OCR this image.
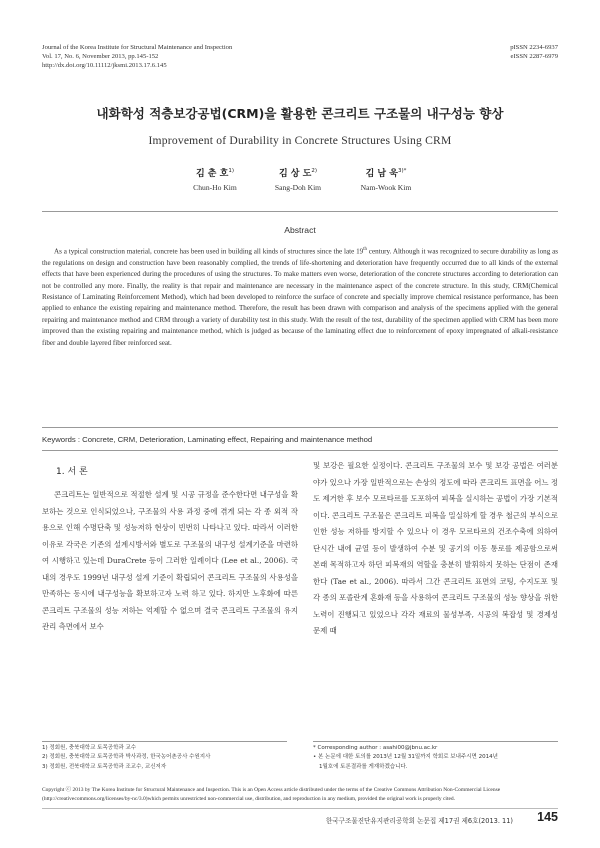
Journal of the Korea Institute for Structural Maintenance and Inspection
Vol. 17, No. 6, November 2013, pp.145-152
http://dx.doi.org/10.11112/jksmi.2013.17.6.145
pISSN 2234-6937
eISSN 2287-6979
내화학성 적층보강공법(CRM)을 활용한 콘크리트 구조물의 내구성능 향상
Improvement of Durability in Concrete Structures Using CRM
김 춘 호$^{1)}$
Chun-Ho Kim
김 상 도$^{2)}$
Sang-Doh Kim
김 남 욱$^{3)*}$
Nam-Wook Kim
Abstract
As a typical construction material, concrete has been used in building all kinds of structures since the late 19th century. Although it was recognized to secure durability as long as the regulations on design and construction have been reasonably complied, the trends of life-shortening and deterioration have frequently occurred due to all kinds of the external effects that have been experienced during the procedures of using the structures. To make matters even worse, deterioration of the concrete structures according to deterioration can not be controlled any more. Finally, the reality is that repair and maintenance are necessary in the maintenance aspect of the concrete structure. In this study, CRM(Chemical Resistance of Laminating Reinforcement Method), which had been developed to reinforce the surface of concrete and specially improve chemical resistance performance, has been applied to enhance the existing repairing and maintenance method. Therefore, the result has been drawn with comparison and analysis of the specimens applied with the general repairing and maintenance method and CRM through a variety of durability test in this study. With the result of the test, durability of the specimen applied with CRM has been more improved than the existing repairing and maintenance method, which is judged as because of the laminating effect due to reinforcement of epoxy impregnated of alkali-resistance fiber and double layered fiber reinforced seat.
Keywords : Concrete, CRM, Deterioration, Laminating effect, Repairing and maintenance method
1. 서 론
콘크리트는 일반적으로 적절한 설계 및 시공 규정을 준수한다면 내구성을 확보하는 것으로 인식되었으나, 구조물의 사용 과정 중에 겪게 되는 각 종 외적 작용으로 인해 수명단축 및 성능저하 현상이 빈번히 나타나고 있다. 따라서 이러한 이유로 각국은 기존의 설계시방서와 별도로 구조물의 내구성 설계기준을 마련하여 시행하고 있는데 DuraCrete 등이 그러한 일례이다 (Lee et al., 2006). 국내의 경우도 1999년 내구성 설계 기준이 확립되어 콘크리트 구조물의 사용성을 만족하는 동시에 내구성능을 확보하고자 노력 하고 있다. 하지만 노후화에 따른 콘크리트 구조물의 성능 저하는 억제할 수 없으며 결국 콘크리트 구조물의 유지관리 측면에서 보수
및 보강은 필요한 실정이다. 콘크리트 구조물의 보수 및 보강 공법은 여러분야가 있으나 가장 일반적으로는 손상의 정도에 따라 콘크리트 표면을 어느 정도 제거한 후 보수 모르타르를 도포하여 피복을 실시하는 공법이 가장 기본적이다. 콘크리트 구조물은 콘크리트 피복을 밀실하게 할 경우 철근의 부식으로 인한 성능 저하를 방지할 수 있으나 이 경우 모르타르의 건조수축에 의하여 단시간 내에 균열 등이 발생하여 수분 및 공기의 이동 통로를 제공함으로써 본래 목적하고자 하던 피복재의 역할을 충분히 발휘하지 못하는 단점이 존재한다 (Tae et al., 2006). 따라서 그간 콘크리트 표면의 코팅, 수지도포 및 각 종의 포졸란계 혼화재 등을 사용하여 콘크리트 구조물의 성능 향상을 위한 노력이 진행되고 있었으나 각각 재료의 물성부족, 시공의 복잡성 및 경제성 문제 때
1) 정회원, 충북대학교 토목공학과 교수
2) 정회원, 충북대학교 토목공학과 박사과정, 한국농어촌공사 수원지사
3) 정회원, 전북대학교 토목공학과 조교수, 교신저자
* Corresponding author : asahi00@jbnu.ac.kr
• 본 논문에 대한 토의를 2013년 12월 31일까지 학회로 보내주시면 2014년
1월호에 토론결과를 게재하겠습니다.
Copyright ⓒ 2013 by The Korea Institute for Structural Maintenance and Inspection. This is an Open Access article distributed under the terms of the Creative Commons Attribution Non-Commercial License (http://creativecommons.org/licenses/by-nc/3.0)which permits unrestricted non-commercial use, distribution, and reproduction in any medium, provided the original work is properly cited.
한국구조물진단유지관리공학회 논문집 제17권 제6호(2013. 11) 145
